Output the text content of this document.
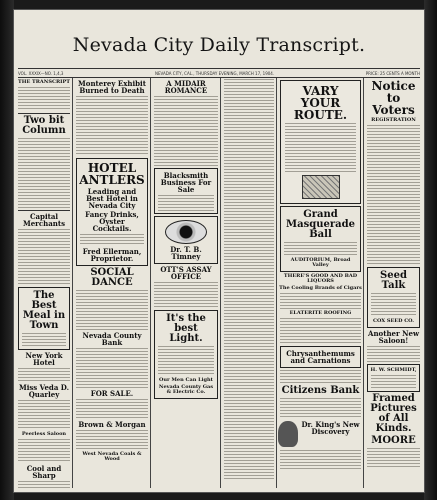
Nevada City Daily Transcript.
VOL. XXXIX—NO. 1,4,3	NEVADA CITY, CAL., THURSDAY EVENING, MARCH 17, 1904.	PRICE: 25 CENTS A MONTH
THE TRANSCRIPT
Two bit Column
Capital Merchants
The Best Meal in Town
New York Hotel
Miss Veda D. Quarley
Peerless Saloon
Cool and Sharp
Monterey Exhibit Burned to Death
HOTEL ANTLERS
Leading and Best Hotel in Nevada City
Fancy Drinks, Oyster Cocktails.
Fred Ellerman, Proprietor.
SOCIAL DANCE
Nevada County Bank
FOR SALE.
Brown & Morgan
West Nevada Coals & Wood
A MIDAIR ROMANCE
Blacksmith Business For Sale
Dr. T. B. Timney
OTT'S ASSAY OFFICE
It's the best Light.
Our Men Can Light
Nevada County Gas & Electric Co.
VARY YOUR ROUTE.
Grand Masquerade Ball
AUDITORIUM, Broad Valley
THERE'S GOOD AND BAD LIQUORS
The Cooling Brands of Cigars
ELATERITE ROOFING
Chrysanthemums and Carnations
Citizens Bank
Dr. King's New Discovery
Notice to Voters
REGISTRATION
Seed Talk
COX SEED CO.
Another New Saloon!
H. W. SCHMIDT,
Framed Pictures of All Kinds.
MOORE
